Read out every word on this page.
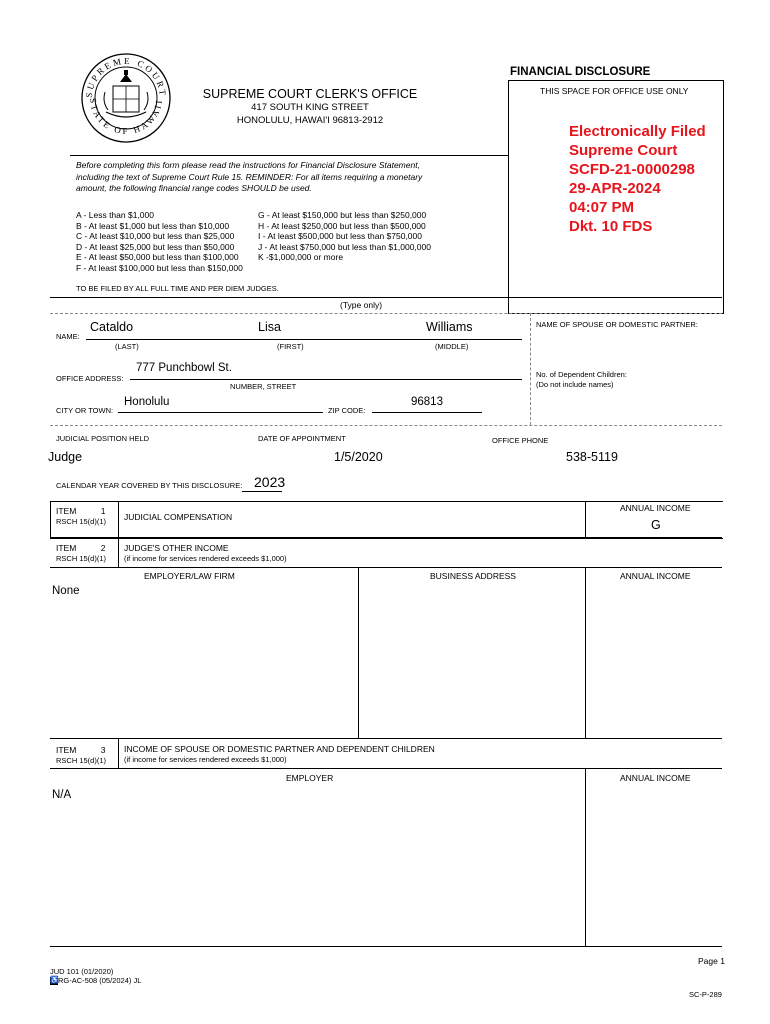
SUPREME COURT
STATE OF HAWAII	SUPREME COURT CLERK'S OFFICE
417 SOUTH KING STREET
HONOLULU, HAWAI'I 96813-2912
FINANCIAL DISCLOSURE
THIS SPACE FOR OFFICE USE ONLY
Electronically Filed
Supreme Court
SCFD-21-0000298
29-APR-2024
04:07 PM
Dkt. 10 FDS
Before completing this form please read the instructions for Financial Disclosure Statement,
including the text of Supreme Court Rule 15. REMINDER: For all items requiring a monetary
amount, the following financial range codes SHOULD be used.
A - Less than $1,000
B - At least $1,000 but less than $10,000
C - At least $10,000 but less than $25,000
D - At least $25,000 but less than $50,000
E - At least $50,000 but less than $100,000
F - At least $100,000 but less than $150,000
G - At least $150,000 but less than $250,000
H - At least $250,000 but less than $500,000
I - At least $500,000 but less than $750,000
J - At least $750,000 but less than $1,000,000
K -$1,000,000 or more
TO BE FILED BY ALL FULL TIME AND PER DIEM JUDGES.
(Type only)
NAME:
Cataldo	Lisa	Williams
(LAST)	(FIRST)	(MIDDLE)
NAME OF SPOUSE OR DOMESTIC PARTNER:
OFFICE ADDRESS:
777 Punchbowl St.
NUMBER, STREET
No. of Dependent Children:
(Do not include names)
CITY OR TOWN:
Honolulu
ZIP CODE:
96813
JUDICIAL POSITION HELD	DATE OF APPOINTMENT	OFFICE PHONE
Judge	1/5/2020	538-5119
CALENDAR YEAR COVERED BY THIS DISCLOSURE: 2023
ITEM	1
RSCH 15(d)(1) JUDICIAL COMPENSATION
ANNUAL INCOME
G
ITEM	2
RSCH 15(d)(1)
JUDGE'S OTHER INCOME
(if income for services rendered exceeds $1,000)
EMPLOYER/LAW FIRM	BUSINESS ADDRESS	ANNUAL INCOME
None
ITEM	3
RSCH 15(d)(1)
INCOME OF SPOUSE OR DOMESTIC PARTNER AND DEPENDENT CHILDREN
(if income for services rendered exceeds $1,000)
EMPLOYER	ANNUAL INCOME
N/A
Page 1
JUD 101 (01/2020)
♿RG-AC-508 (05/2024) JL
SC-P-289
